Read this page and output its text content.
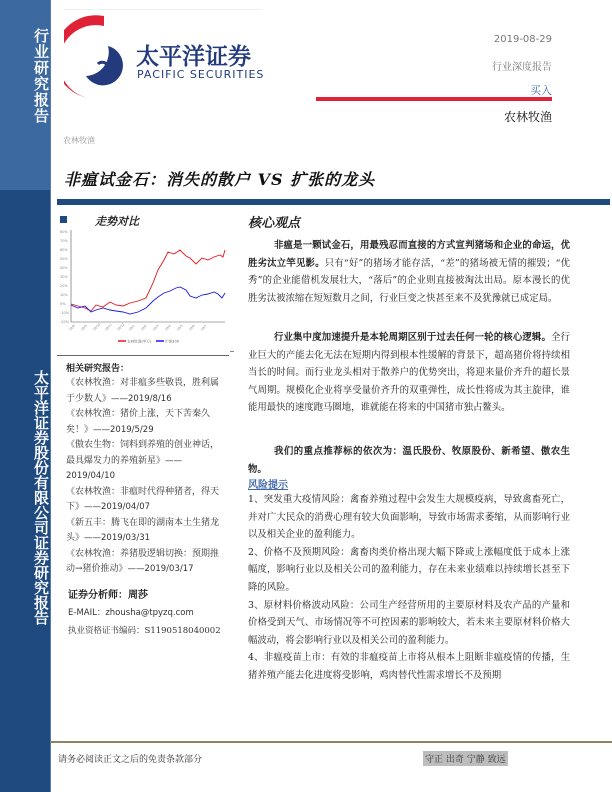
行业研究报告
太平洋证券股份有限公司证券研究报告
太平洋证券
PACIFIC SECURITIES
2019-08-29
行业深度报告
买入
农林牧渔
农林牧渔
非瘟试金石：消失的散户 VS 扩张的龙头
走势对比
80%
70%
60%
50%
40%
30%
20%
10%
0%
-10%
-20%
18/8 18/9 18/10 18/11 18/12 19/1 19/2 19/3 19/4 19/5 19/6 19/7
农林牧渔(申万)	沪深300
相关研究报告：
《农林牧渔：对非瘟多些敬畏，胜利属于少数人》——2019/8/16
《农林牧渔：猪价上涨，天下苦秦久矣！》——2019/5/29
《傲农生物：饲料到养殖的创业神话，最具爆发力的养殖新星》——2019/04/10
《农林牧渔：非瘟时代得种猪者，得天下》——2019/04/07
《新五丰：腾飞在即的湖南本土生猪龙头》——2019/03/31
《农林牧渔：养猪股逻辑切换：预期推动→猪价推动》——2019/03/17
证券分析师：周莎
E-MAIL：zhousha@tpyzq.com
执业资格证书编码：S1190518040002
核心观点
非瘟是一颗试金石，用最残忍而直接的方式宣判猪场和企业的命运，优胜劣汰立竿见影。只有“好”的猪场才能存活，“差”的猪场被无情的摧毁；“优秀”的企业能借机发展壮大，“落后”的企业则直接被淘汰出局。原本漫长的优胜劣汰被浓缩在短短数月之间，行业巨变之快甚至来不及犹豫就已成定局。
行业集中度加速提升是本轮周期区别于过去任何一轮的核心逻辑。全行业巨大的产能去化无法在短期内得到根本性缓解的背景下，超高猪价将持续相当长的时间。而行业龙头相对于散养户的优势突出，将迎来量价齐升的超长景气周期。规模化企业将享受量价齐升的双重弹性，成长性将成为其主旋律，谁能用最快的速度跑马圈地，谁就能在将来的中国猪市独占鳌头。
我们的重点推荐标的依次为：温氏股份、牧原股份、新希望、傲农生物。
风险提示
1、突发重大疫情风险：禽畜养殖过程中会发生大规模疫病，导致禽畜死亡，并对广大民众的消费心理有较大负面影响，导致市场需求萎缩，从而影响行业以及相关企业的盈利能力。
2、价格不及预期风险：禽畜肉类价格出现大幅下降或上涨幅度低于成本上涨幅度，影响行业以及相关公司的盈利能力，存在未来业绩难以持续增长甚至下降的风险。
3、原材料价格波动风险：公司生产经营所用的主要原材料及农产品的产量和价格受到天气、市场情况等不可控因素的影响较大，若未来主要原材料价格大幅波动，将会影响行业以及相关公司的盈利能力。
4、非瘟疫苗上市：有效的非瘟疫苗上市将从根本上阻断非瘟疫情的传播，生猪养殖产能去化进度将受影响，鸡肉替代性需求增长不及预期
请务必阅读正文之后的免责条款部分	守正 出奇 宁静 致远
